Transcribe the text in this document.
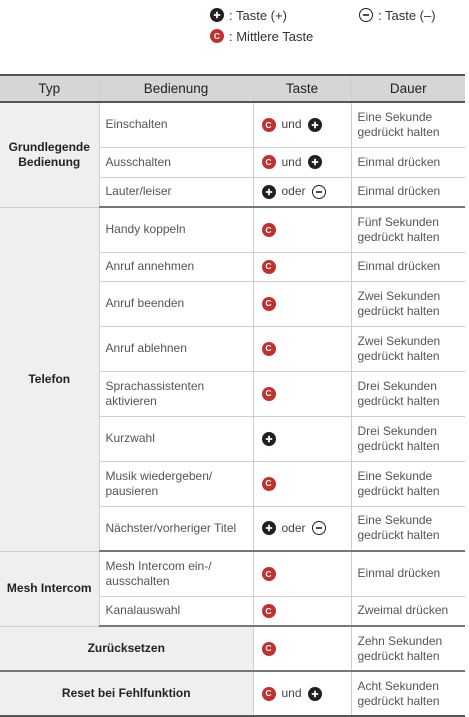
: Taste (+)	: Taste (–)
C : Mittlere Taste
Typ	Bedienung	Taste	Dauer
Grundlegende Bedienung	Einschalten	C und	Eine Sekunde gedrückt halten
	Ausschalten	C und	Einmal drücken
	Lauter/leiser	oder	Einmal drücken
Telefon	Handy koppeln	C	Fünf Sekunden gedrückt halten
	Anruf annehmen	C	Einmal drücken
	Anruf beenden	C	Zwei Sekunden gedrückt halten
	Anruf ablehnen	C	Zwei Sekunden gedrückt halten
	Sprachassistenten aktivieren	C	Drei Sekunden gedrückt halten
	Kurzwahl		Drei Sekunden gedrückt halten
	Musik wiedergeben/ pausieren	C	Eine Sekunde gedrückt halten
	Nächster/vorheriger Titel	oder	Eine Sekunde gedrückt halten
Mesh Intercom	Mesh Intercom ein-/ ausschalten	C	Einmal drücken
	Kanalauswahl	C	Zweimal drücken
Zurücksetzen		C	Zehn Sekunden gedrückt halten
Reset bei Fehlfunktion		C und	Acht Sekunden gedrückt halten
